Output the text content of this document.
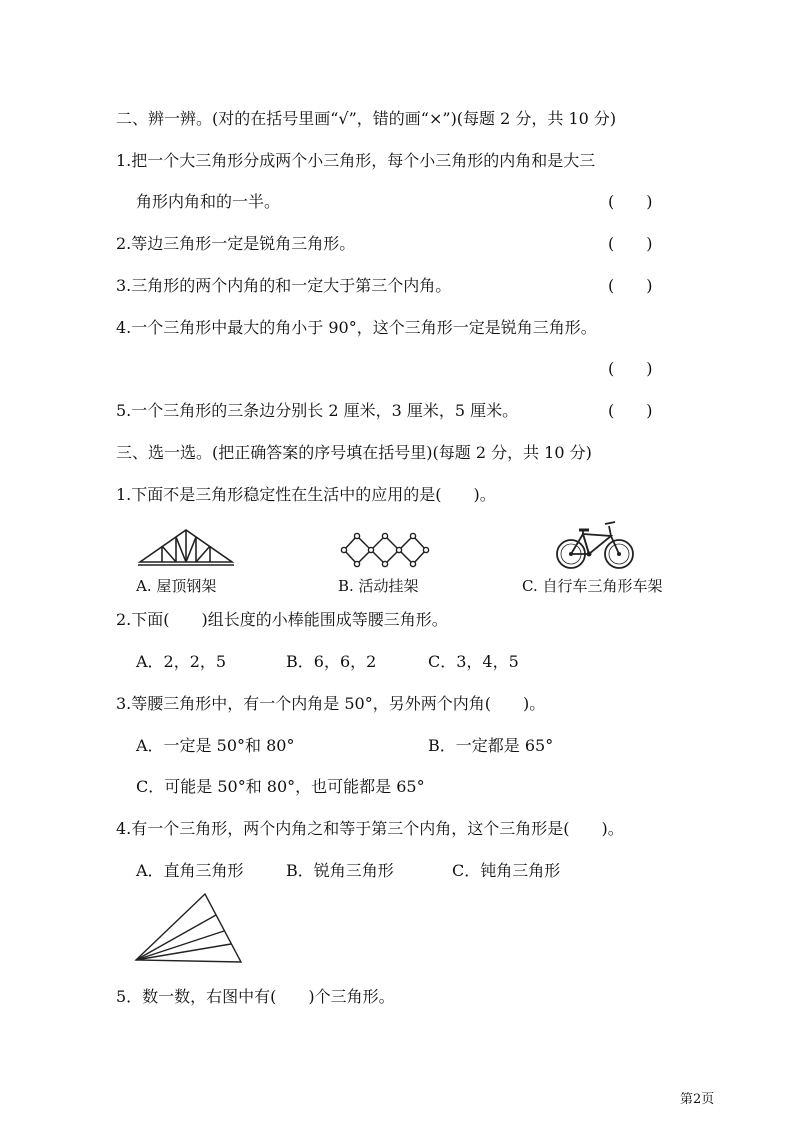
二、辨一辨。(对的在括号里画“√”，错的画“×”)(每题 2 分，共 10 分)
1.把一个大三角形分成两个小三角形，每个小三角形的内角和是大三
角形内角和的一半。	(　　)
2.等边三角形一定是锐角三角形。	(　　)
3.三角形的两个内角的和一定大于第三个内角。	(　　)
4.一个三角形中最大的角小于 90°，这个三角形一定是锐角三角形。
(　　)
5.一个三角形的三条边分别长 2 厘米，3 厘米，5 厘米。	(　　)
三、选一选。(把正确答案的序号填在括号里)(每题 2 分，共 10 分)
1.下面不是三角形稳定性在生活中的应用的是(　　)。
A. 屋顶钢架	B. 活动挂架	C. 自行车三角形车架
2.下面(　　)组长度的小棒能围成等腰三角形。
A．2，2，5	B．6，6，2	C．3，4，5
3.等腰三角形中，有一个内角是 50°，另外两个内角(　　)。
A．一定是 50°和 80°	B．一定都是 65°
C．可能是 50°和 80°，也可能都是 65°
4.有一个三角形，两个内角之和等于第三个内角，这个三角形是(　　)。
A．直角三角形	B．锐角三角形	C．钝角三角形
5．数一数，右图中有(　　)个三角形。
第2页
